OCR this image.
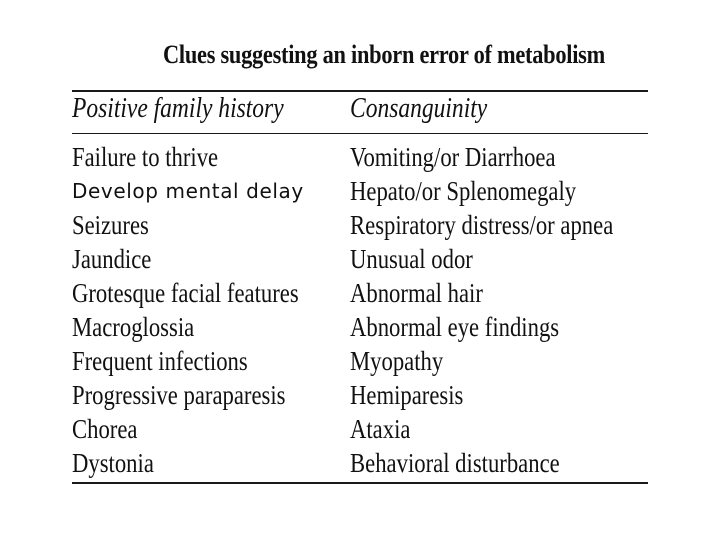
Clues suggesting an inborn error of metabolism
Positive family history Consanguinity
Failure to thrive
Develop mental delay
Seizures
Jaundice
Grotesque facial features
Macroglossia
Frequent infections
Progressive paraparesis
Chorea
Dystonia
Vomiting/or Diarrhoea
Hepato/or Splenomegaly
Respiratory distress/or apnea
Unusual odor
Abnormal hair
Abnormal eye findings
Myopathy
Hemiparesis
Ataxia
Behavioral disturbance
